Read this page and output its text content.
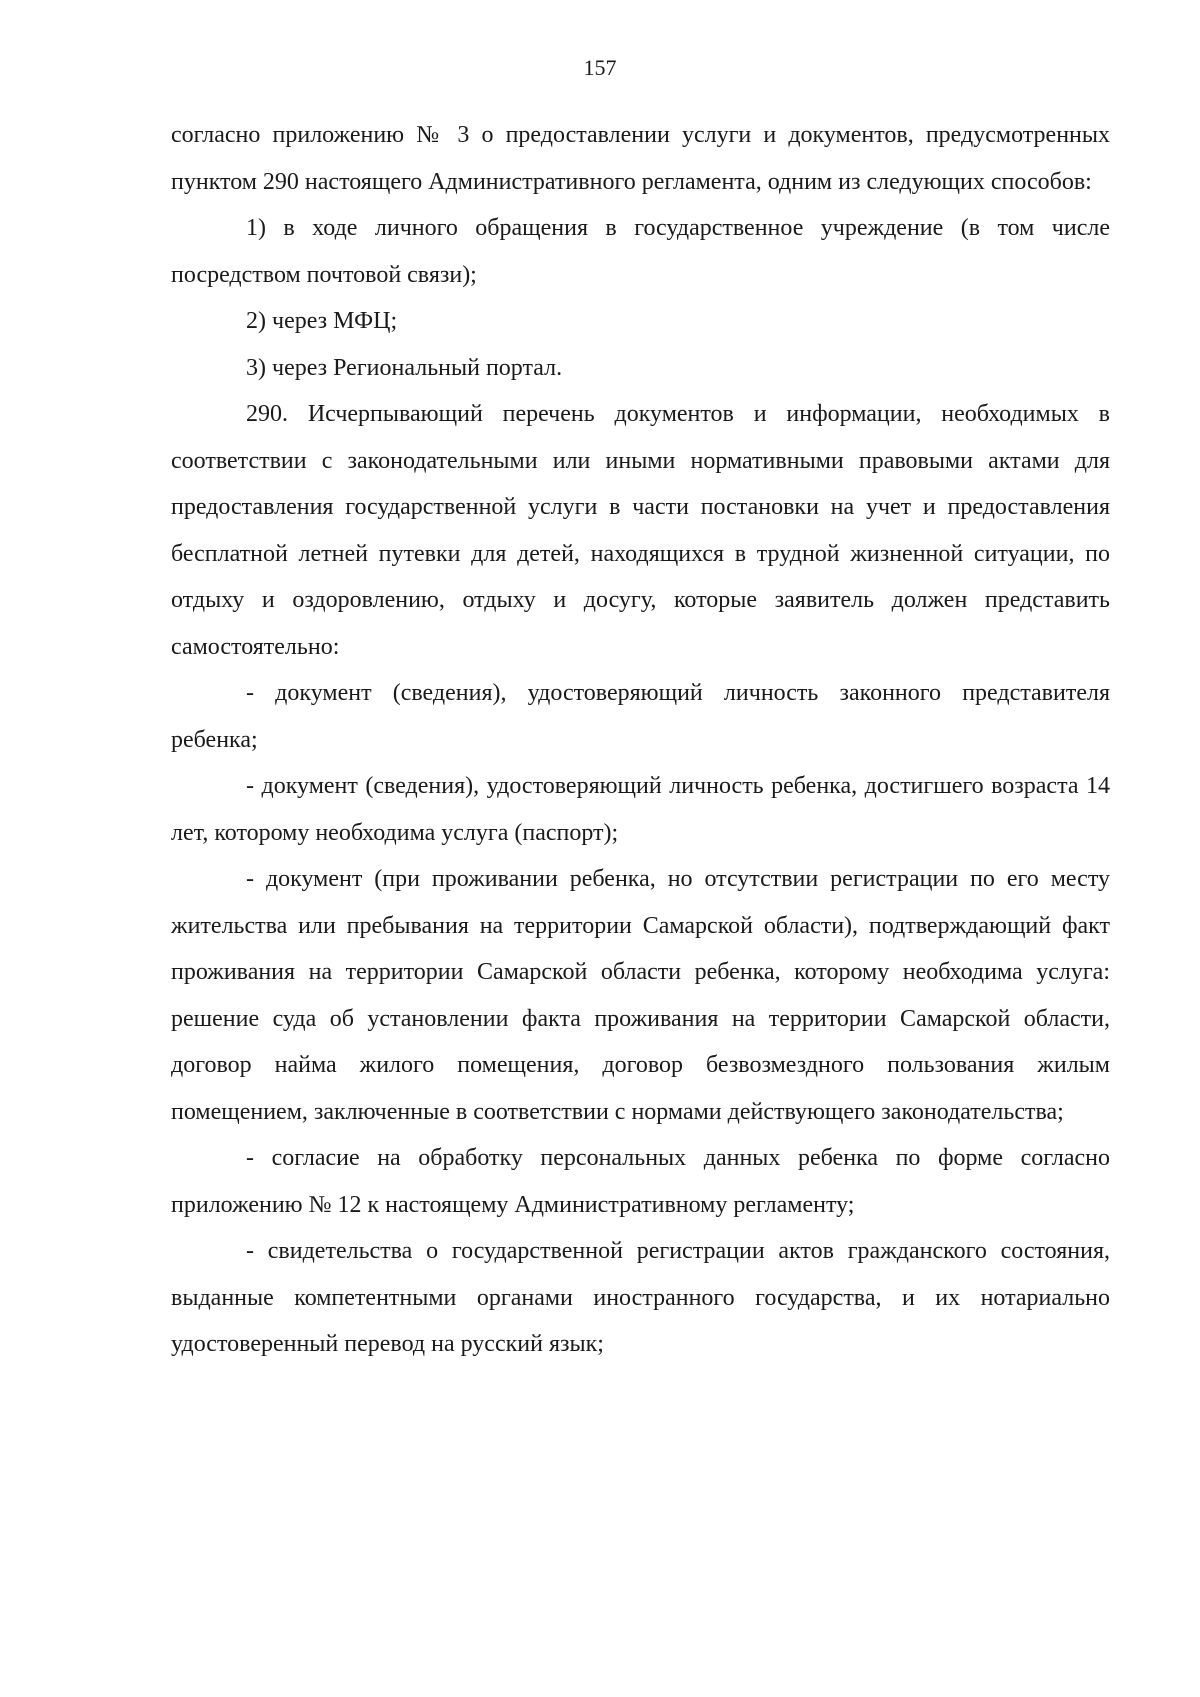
157

согласно приложению № 3 о предоставлении услуги и документов, предусмотренных пунктом 290 настоящего Административного регламента, одним из следующих способов:

1) в ходе личного обращения в государственное учреждение (в том числе посредством почтовой связи);

2) через МФЦ;

3) через Региональный портал.

290. Исчерпывающий перечень документов и информации, необходимых в соответствии с законодательными или иными нормативными правовыми актами для предоставления государственной услуги в части постановки на учет и предоставления бесплатной летней путевки для детей, находящихся в трудной жизненной ситуации, по отдыху и оздоровлению, отдыху и досугу, которые заявитель должен представить самостоятельно:

- документ (сведения), удостоверяющий личность законного представителя ребенка;

- документ (сведения), удостоверяющий личность ребенка, достигшего возраста 14 лет, которому необходима услуга (паспорт);

- документ (при проживании ребенка, но отсутствии регистрации по его месту жительства или пребывания на территории Самарской области), подтверждающий факт проживания на территории Самарской области ребенка, которому необходима услуга: решение суда об установлении факта проживания на территории Самарской области, договор найма жилого помещения, договор безвозмездного пользования жилым помещением, заключенные в соответствии с нормами действующего законодательства;

- согласие на обработку персональных данных ребенка по форме согласно приложению № 12 к настоящему Административному регламенту;

- свидетельства о государственной регистрации актов гражданского состояния, выданные компетентными органами иностранного государства, и их нотариально удостоверенный перевод на русский язык;
